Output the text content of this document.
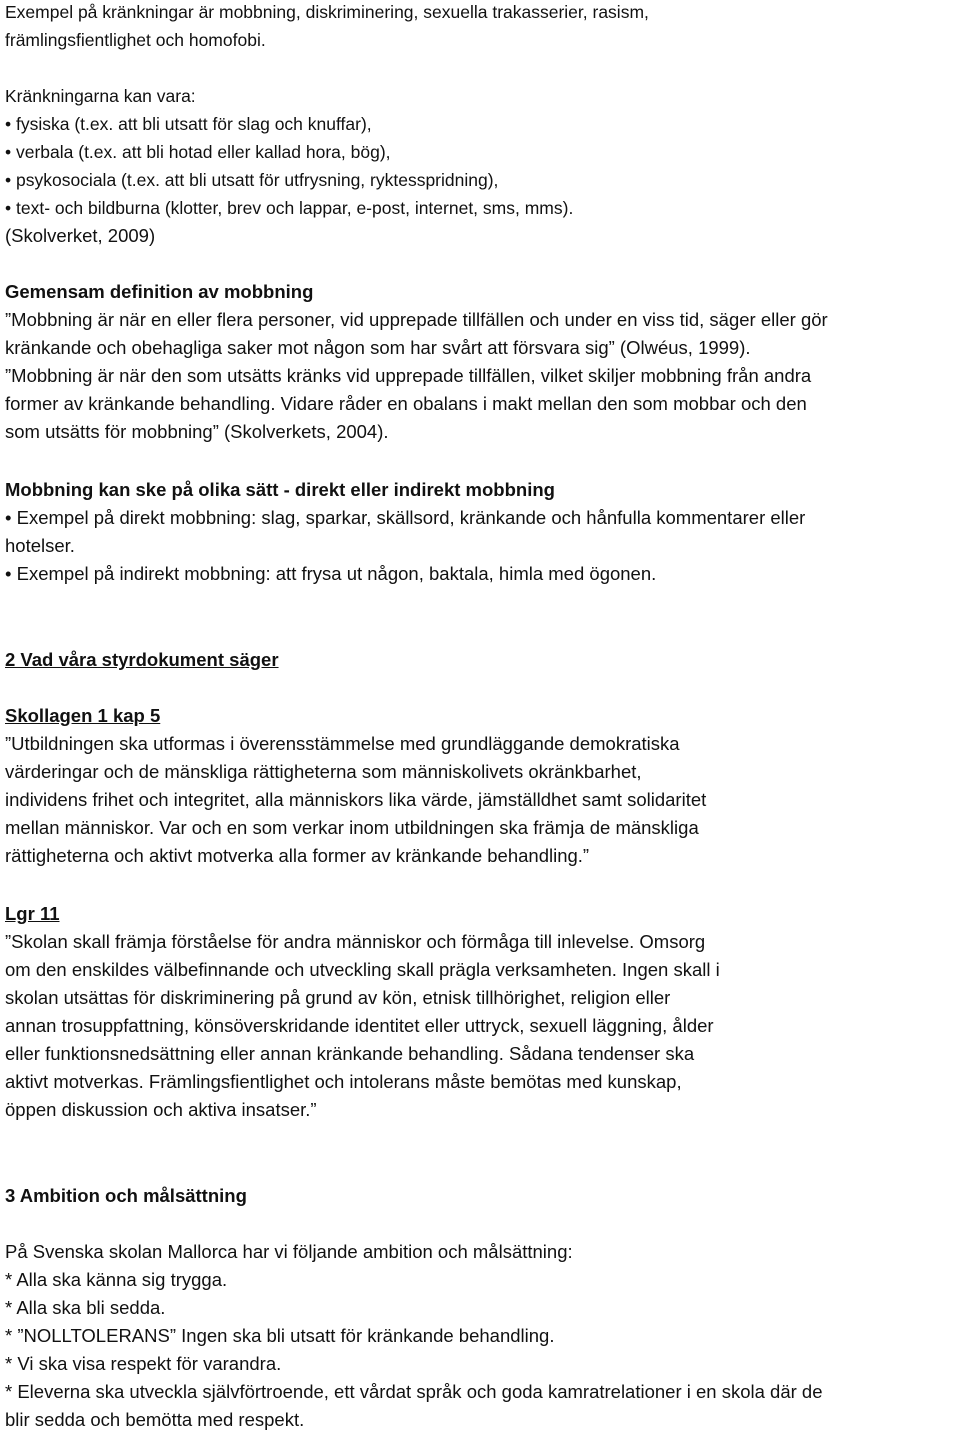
Exempel på kränkningar är mobbning, diskriminering, sexuella trakasserier, rasism,
främlingsfientlighet och homofobi.
Kränkningarna kan vara:
• fysiska (t.ex. att bli utsatt för slag och knuffar),
• verbala (t.ex. att bli hotad eller kallad hora, bög),
• psykosociala (t.ex. att bli utsatt för utfrysning, ryktesspridning),
• text- och bildburna (klotter, brev och lappar, e-post, internet, sms, mms).
(Skolverket, 2009)
Gemensam definition av mobbning
”Mobbning är när en eller flera personer, vid upprepade tillfällen och under en viss tid, säger eller gör
kränkande och obehagliga saker mot någon som har svårt att försvara sig” (Olwéus, 1999).
”Mobbning är när den som utsätts kränks vid upprepade tillfällen, vilket skiljer mobbning från andra
former av kränkande behandling. Vidare råder en obalans i makt mellan den som mobbar och den
som utsätts för mobbning” (Skolverkets, 2004).
Mobbning kan ske på olika sätt - direkt eller indirekt mobbning
• Exempel på direkt mobbning: slag, sparkar, skällsord, kränkande och hånfulla kommentarer eller
hotelser.
• Exempel på indirekt mobbning: att frysa ut någon, baktala, himla med ögonen.
2 Vad våra styrdokument säger
Skollagen 1 kap 5
”Utbildningen ska utformas i överensstämmelse med grundläggande demokratiska
värderingar och de mänskliga rättigheterna som människolivets okränkbarhet,
individens frihet och integritet, alla människors lika värde, jämställdhet samt solidaritet
mellan människor. Var och en som verkar inom utbildningen ska främja de mänskliga
rättigheterna och aktivt motverka alla former av kränkande behandling.”
Lgr 11
”Skolan skall främja förståelse för andra människor och förmåga till inlevelse. Omsorg
om den enskildes välbefinnande och utveckling skall prägla verksamheten. Ingen skall i
skolan utsättas för diskriminering på grund av kön, etnisk tillhörighet, religion eller
annan trosuppfattning, könsöverskridande identitet eller uttryck, sexuell läggning, ålder
eller funktionsnedsättning eller annan kränkande behandling. Sådana tendenser ska
aktivt motverkas. Främlingsfientlighet och intolerans måste bemötas med kunskap,
öppen diskussion och aktiva insatser.”
3 Ambition och målsättning
På Svenska skolan Mallorca har vi följande ambition och målsättning:
* Alla ska känna sig trygga.
* Alla ska bli sedda.
* ”NOLLTOLERANS” Ingen ska bli utsatt för kränkande behandling.
* Vi ska visa respekt för varandra.
* Eleverna ska utveckla självförtroende, ett vårdat språk och goda kamratrelationer i en skola där de
blir sedda och bemötta med respekt.
